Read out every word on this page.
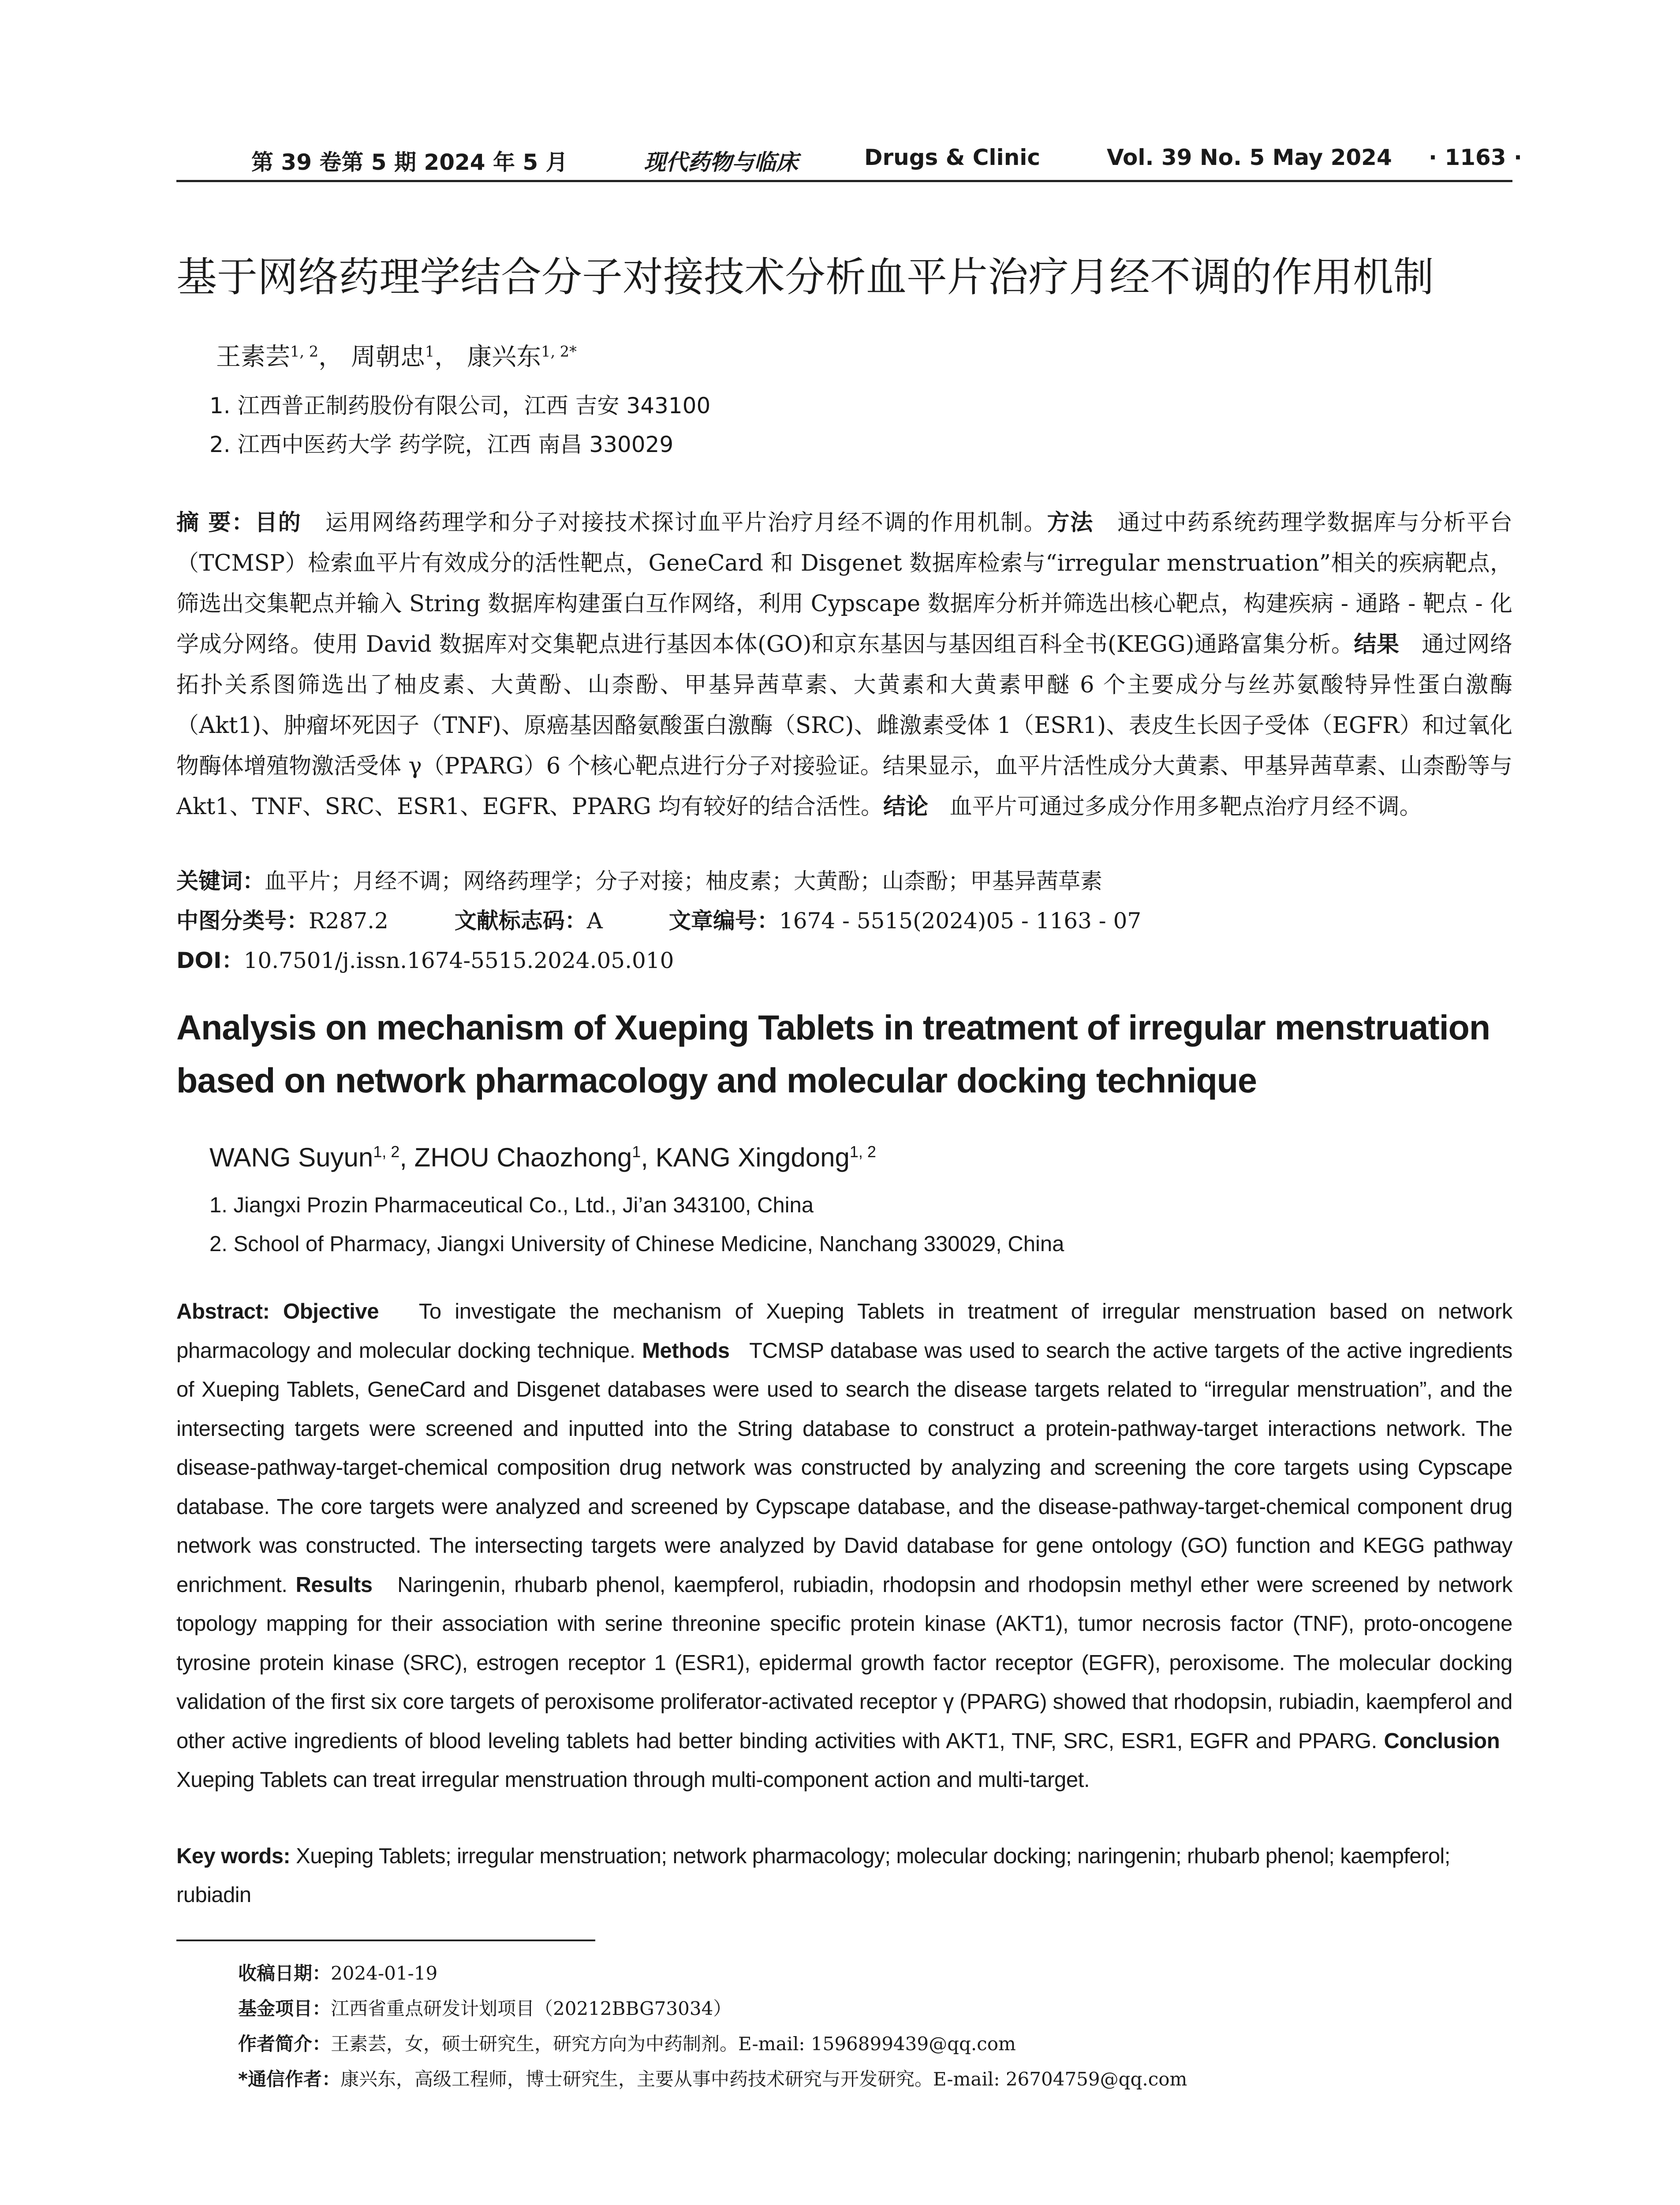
第 39 卷第 5 期 2024 年 5 月	现代药物与临床	Drugs & Clinic	Vol. 39 No. 5 May 2024 · 1163 ·
基于网络药理学结合分子对接技术分析血平片治疗月经不调的作用机制
王素芸$^{1, 2}$， 周朝忠$^1$， 康兴东$^{1, 2*}$
1. 江西普正制药股份有限公司，江西 吉安 343100
2. 江西中医药大学 药学院，江西 南昌 330029
摘 要：目的 运用网络药理学和分子对接技术探讨血平片治疗月经不调的作用机制。方法 通过中药系统药理学数据库与分析平台（TCMSP）检索血平片有效成分的活性靶点，GeneCard 和 Disgenet 数据库检索与“irregular menstruation”相关的疾病靶点，筛选出交集靶点并输入 String 数据库构建蛋白互作网络，利用 Cypscape 数据库分析并筛选出核心靶点，构建疾病 - 通路 - 靶点 - 化学成分网络。使用 David 数据库对交集靶点进行基因本体(GO)和京东基因与基因组百科全书(KEGG)通路富集分析。结果 通过网络拓扑关系图筛选出了柚皮素、大黄酚、山柰酚、甲基异茜草素、大黄素和大黄素甲醚 6 个主要成分与丝苏氨酸特异性蛋白激酶（Akt1)、肿瘤坏死因子（TNF)、原癌基因酪氨酸蛋白激酶（SRC)、雌激素受体 1（ESR1)、表皮生长因子受体（EGFR）和过氧化物酶体增殖物激活受体 γ（PPARG）6 个核心靶点进行分子对接验证。结果显示，血平片活性成分大黄素、甲基异茜草素、山柰酚等与 Akt1、TNF、SRC、ESR1、EGFR、PPARG 均有较好的结合活性。结论 血平片可通过多成分作用多靶点治疗月经不调。
关键词：血平片；月经不调；网络药理学；分子对接；柚皮素；大黄酚；山柰酚；甲基异茜草素
中图分类号：R287.2	文献标志码：A	文章编号：1674 - 5515(2024)05 - 1163 - 07
DOI：10.7501/j.issn.1674-5515.2024.05.010
Analysis on mechanism of Xueping Tablets in treatment of irregular menstruation based on network pharmacology and molecular docking technique
WANG Suyun$^{1, 2}$, ZHOU Chaozhong$^1$, KANG Xingdong$^{1, 2}$
1. Jiangxi Prozin Pharmaceutical Co., Ltd., Ji’an 343100, China
2. School of Pharmacy, Jiangxi University of Chinese Medicine, Nanchang 330029, China
Abstract: Objective To investigate the mechanism of Xueping Tablets in treatment of irregular menstruation based on network pharmacology and molecular docking technique. Methods TCMSP database was used to search the active targets of the active ingredients of Xueping Tablets, GeneCard and Disgenet databases were used to search the disease targets related to “irregular menstruation”, and the intersecting targets were screened and inputted into the String database to construct a protein-pathway-target interactions network. The disease-pathway-target-chemical composition drug network was constructed by analyzing and screening the core targets using Cypscape database. The core targets were analyzed and screened by Cypscape database, and the disease-pathway-target-chemical component drug network was constructed. The intersecting targets were analyzed by David database for gene ontology (GO) function and KEGG pathway enrichment. Results Naringenin, rhubarb phenol, kaempferol, rubiadin, rhodopsin and rhodopsin methyl ether were screened by network topology mapping for their association with serine threonine specific protein kinase (AKT1), tumor necrosis factor (TNF), proto-oncogene tyrosine protein kinase (SRC), estrogen receptor 1 (ESR1), epidermal growth factor receptor (EGFR), peroxisome. The molecular docking validation of the first six core targets of peroxisome proliferator-activated receptor γ (PPARG) showed that rhodopsin, rubiadin, kaempferol and other active ingredients of blood leveling tablets had better binding activities with AKT1, TNF, SRC, ESR1, EGFR and PPARG. Conclusion   Xueping Tablets can treat irregular menstruation through multi-component action and multi-target.
Key words: Xueping Tablets; irregular menstruation; network pharmacology; molecular docking; naringenin; rhubarb phenol; kaempferol; rubiadin
收稿日期：2024-01-19
基金项目：江西省重点研发计划项目（20212BBG73034）
作者简介：王素芸，女，硕士研究生，研究方向为中药制剂。E-mail: 1596899439@qq.com
*通信作者：康兴东，高级工程师，博士研究生，主要从事中药技术研究与开发研究。E-mail: 26704759@qq.com
